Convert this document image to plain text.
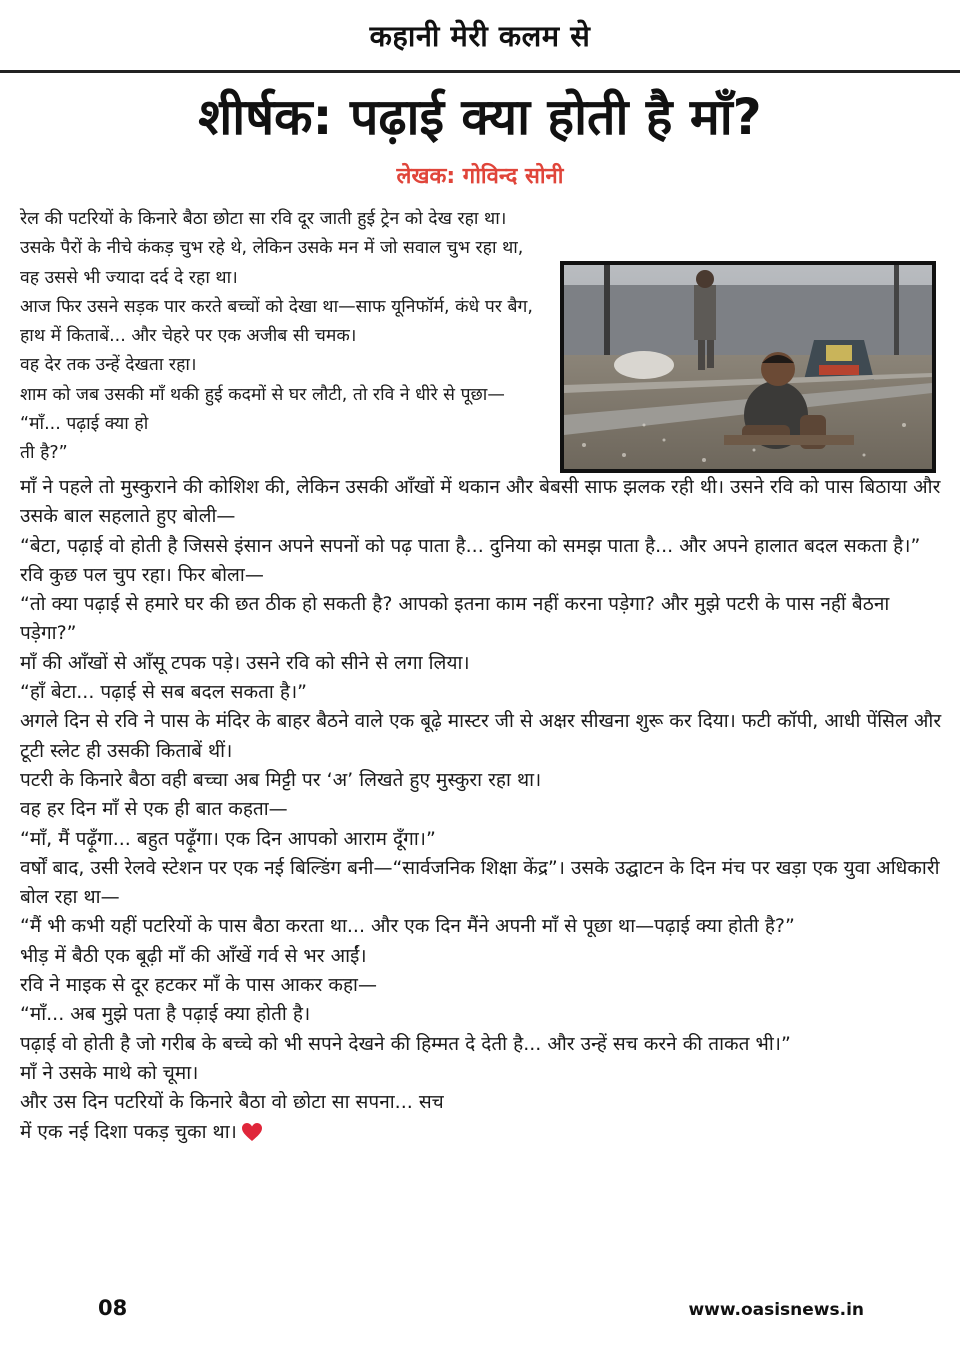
कहानी मेरी कलम से
शीर्षक: पढ़ाई क्या होती है माँ?
लेखक: गोविन्द सोनी

रेल की पटरियों के किनारे बैठा छोटा सा रवि दूर जाती हुई ट्रेन को देख रहा था। उसके पैरों के नीचे कंकड़ चुभ रहे थे, लेकिन उसके मन में जो सवाल चुभ रहा था, वह उससे भी ज्यादा दर्द दे रहा था।

आज फिर उसने सड़क पार करते बच्चों को देखा था—साफ यूनिफॉर्म, कंधे पर बैग, हाथ में किताबें... और चेहरे पर एक अजीब सी चमक।

वह देर तक उन्हें देखता रहा।

शाम को जब उसकी माँ थकी हुई कदमों से घर लौटी, तो रवि ने धीरे से पूछा—

“माँ... पढ़ाई क्या हो

ती है?”

माँ ने पहले तो मुस्कुराने की कोशिश की, लेकिन उसकी आँखों में थकान और बेबसी साफ झलक रही थी। उसने रवि को पास बिठाया और उसके बाल सहलाते हुए बोली—

“बेटा, पढ़ाई वो होती है जिससे इंसान अपने सपनों को पढ़ पाता है... दुनिया को समझ पाता है... और अपने हालात बदल सकता है।”

रवि कुछ पल चुप रहा। फिर बोला—

“तो क्या पढ़ाई से हमारे घर की छत ठीक हो सकती है? आपको इतना काम नहीं करना पड़ेगा? और मुझे पटरी के पास नहीं बैठना पड़ेगा?”

माँ की आँखों से आँसू टपक पड़े। उसने रवि को सीने से लगा लिया।

“हाँ बेटा... पढ़ाई से सब बदल सकता है।”

अगले दिन से रवि ने पास के मंदिर के बाहर बैठने वाले एक बूढ़े मास्टर जी से अक्षर सीखना शुरू कर दिया। फटी कॉपी, आधी पेंसिल और टूटी स्लेट ही उसकी किताबें थीं।

पटरी के किनारे बैठा वही बच्चा अब मिट्टी पर ‘अ’ लिखते हुए मुस्कुरा रहा था।

वह हर दिन माँ से एक ही बात कहता—

“माँ, मैं पढ़ूँगा... बहुत पढ़ूँगा। एक दिन आपको आराम दूँगा।”

वर्षों बाद, उसी रेलवे स्टेशन पर एक नई बिल्डिंग बनी—“सार्वजनिक शिक्षा केंद्र”। उसके उद्घाटन के दिन मंच पर खड़ा एक युवा अधिकारी बोल रहा था—

“मैं भी कभी यहीं पटरियों के पास बैठा करता था... और एक दिन मैंने अपनी माँ से पूछा था—पढ़ाई क्या होती है?”

भीड़ में बैठी एक बूढ़ी माँ की आँखें गर्व से भर आईं।

रवि ने माइक से दूर हटकर माँ के पास आकर कहा—

“माँ... अब मुझे पता है पढ़ाई क्या होती है।

पढ़ाई वो होती है जो गरीब के बच्चे को भी सपने देखने की हिम्मत दे देती है... और उन्हें सच करने की ताकत भी।”

माँ ने उसके माथे को चूमा।

और उस दिन पटरियों के किनारे बैठा वो छोटा सा सपना... सच

में एक नई दिशा पकड़ चुका था।

08	www.oasisnews.in
